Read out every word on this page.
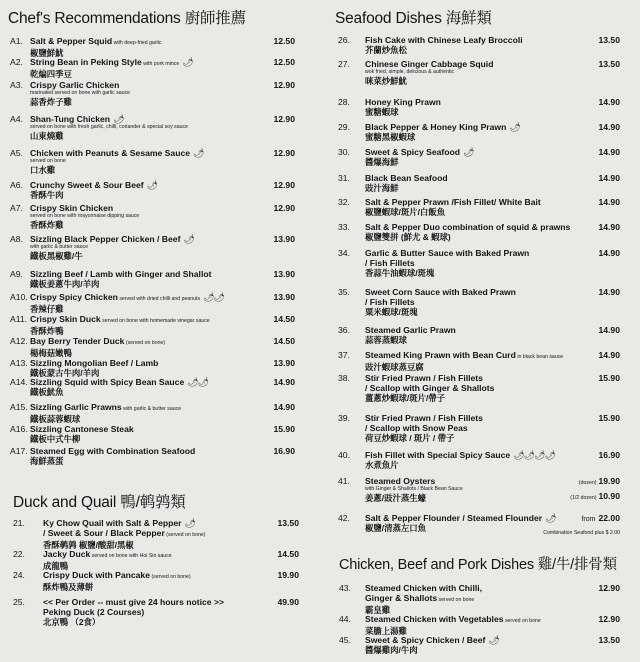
Chef's Recommendations 廚師推薦
A1. Salt & Pepper Squid with deep-fried garlic
椒鹽鮮魷
12.50
A2. String Bean in Peking Style with pork mince 🌶
乾煸四季豆
12.50
A3. Crispy Garlic Chicken
marinated served on bone with garlic sauce
蒜香炸子雞
12.90
A4. Shan-Tung Chicken 🌶
served on bone with fresh garlic, chilli, coriander & special soy sauce
山東燒雞
12.90
A5. Chicken with Peanuts & Sesame Sauce 🌶
served on bone
口水雞
12.90
A6. Crunchy Sweet & Sour Beef 🌶
香酥牛肉
12.90
A7. Crispy Skin Chicken
served on bone with mayonnaise dipping sauce
香酥炸雞
12.90
A8. Sizzling Black Pepper Chicken / Beef 🌶
with garlic & butter sauce
鐵板黑椒雞/牛
13.90
A9. Sizzling Beef / Lamb with Ginger and Shallot
鐵板姜蔥牛肉/羊肉
13.90
A10. Crispy Spicy Chicken served with dried chilli and peanuts 🌶🌶
香辣仔雞
13.90
A11. Crispy Skin Duck served on bone with homemade vinegar sauce
香酥炸鴨
14.50
A12. Bay Berry Tender Duck (served on bone)
楊梅菇嫩鴨
14.50
A13. Sizzling Mongolian Beef / Lamb
鐵板蒙古牛肉/羊肉
13.90
A14. Sizzling Squid with Spicy Bean Sauce 🌶🌶
鐵板魷魚
14.90
A15. Sizzling Garlic Prawns with garlic & butter sauce
鐵板蒜蓉蝦球
14.90
A16. Sizzling Cantonese Steak
鐵板中式牛柳
15.90
A17. Steamed Egg with Combination Seafood
海鮮蒸蛋
16.90
Duck and Quail 鴨/鹌鹑類
21. Ky Chow Quail with Salt & Pepper 🌶
/ Sweet & Sour / Black Pepper (served on bone)
香酥鹌鹑 椒鹽/酸甜/黑椒
13.50
22. Jacky Duck served on bone with Hoi Sin sauce
成龍鴨
14.50
24. Crispy Duck with Pancake (served on bone)
酥炸鴨及薄餅
19.90
25. << Per Order -- must give 24 hours notice >>
Peking Duck (2 Courses)
北京鴨 （2食）
49.90
Seafood Dishes 海鮮類
26. Fish Cake with Chinese Leafy Broccoli
芥蘭炒魚松
13.50
27. Chinese Ginger Cabbage Squid
wok fried, simple, delicious & authentic
咪菜炒鮮魷
13.50
28. Honey King Prawn
蜜糖蝦球
14.90
29. Black Pepper & Honey King Prawn 🌶
蜜糖黑椒蝦球
14.90
30. Sweet & Spicy Seafood 🌶
醬爆海鮮
14.90
31. Black Bean Seafood
豉汁海鮮
14.90
32. Salt & Pepper Prawn /Fish Fillet/ White Bait
椒鹽蝦球/斑片/白飯魚
14.90
33. Salt & Pepper Duo combination of squid & prawns
椒鹽雙拼 (鮮尤 & 蝦球)
14.90
34. Garlic & Butter Sauce with Baked Prawn
/ Fish Fillets
香蒜牛油蝦球/斑塊
14.90
35. Sweet Corn Sauce with Baked Prawn
/ Fish Fillets
粟米蝦球/斑塊
14.90
36. Steamed Garlic Prawn
蒜蓉蒸蝦球
14.90
37. Steamed King Prawn with Bean Curd in black bean sauce
豉汁蝦球蒸豆腐
14.90
38. Stir Fried Prawn / Fish Fillets
/ Scallop with Ginger & Shallots
薑蔥炒蝦球/斑片/帶子
15.90
39. Stir Fried Prawn / Fish Fillets
/ Scallop with Snow Peas
荷豆炒蝦球 / 斑片 / 帶子
15.90
40. Fish Fillet with Special Spicy Sauce 🌶🌶🌶🌶
水煮魚片
16.90
41. Steamed Oysters
with Ginger & Shallots / Black Bean Sauce
姜蔥/豉汁蒸生蠔
(dozen) 19.90
(1/2 dozen) 10.90
42. Salt & Pepper Flounder / Steamed Flounder 🌶
椒鹽/清蒸左口魚
from 22.00
Combination Seafood plus $ 2.00
Chicken, Beef and Pork Dishes 雞/牛/排骨類
43. Steamed Chicken with Chilli,
Ginger & Shallots served on bone
霸皇雞
12.90
44. Steamed Chicken with Vegetables served on bone
菜膽上湯雞
12.90
45. Sweet & Spicy Chicken / Beef 🌶
醬爆雞肉/牛肉
13.50
